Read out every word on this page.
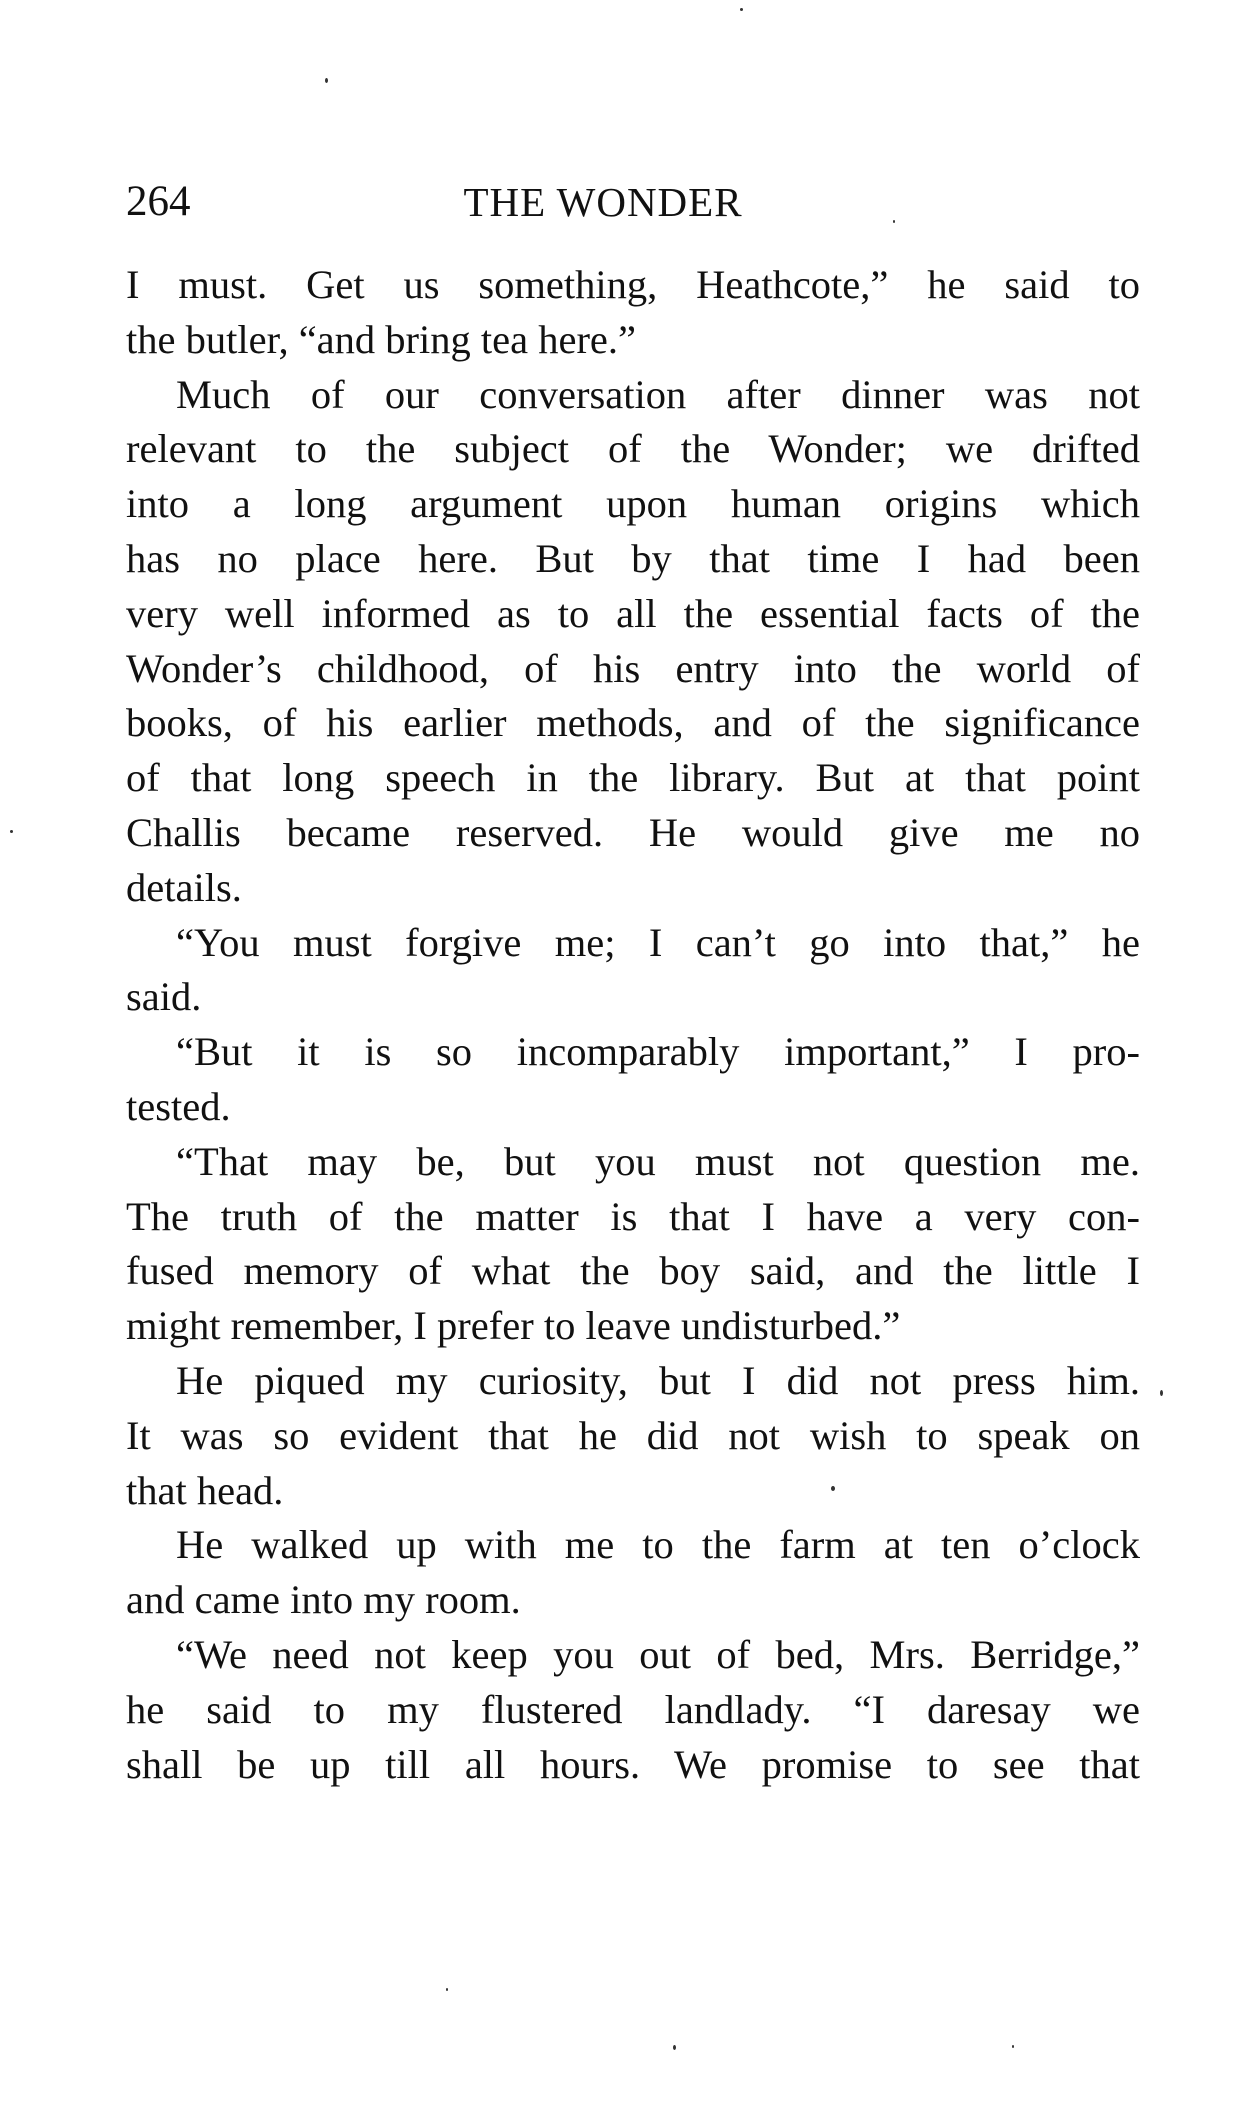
264	THE WONDER

I must. Get us something, Heathcote,” he said to

the butler, “and bring tea here.”

Much of our conversation after dinner was not

relevant to the subject of the Wonder; we drifted

into a long argument upon human origins which

has no place here. But by that time I had been

very well informed as to all the essential facts of the

Wonder’s childhood, of his entry into the world of

books, of his earlier methods, and of the significance

of that long speech in the library. But at that point

Challis became reserved. He would give me no

details.

“You must forgive me; I can’t go into that,” he

said.

“But it is so incomparably important,” I pro-

tested.

“That may be, but you must not question me.

The truth of the matter is that I have a very con-

fused memory of what the boy said, and the little I

might remember, I prefer to leave undisturbed.”

He piqued my curiosity, but I did not press him.

It was so evident that he did not wish to speak on

that head.

He walked up with me to the farm at ten o’clock

and came into my room.

“We need not keep you out of bed, Mrs. Berridge,”

he said to my flustered landlady. “I daresay we

shall be up till all hours. We promise to see that
